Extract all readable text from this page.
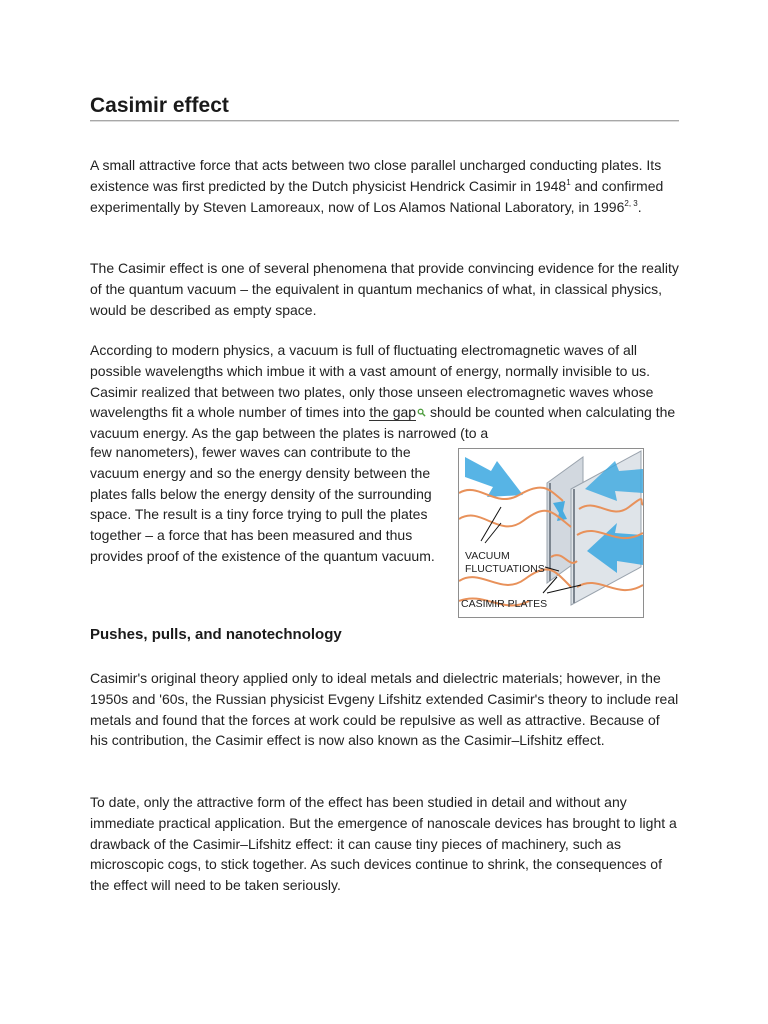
Casimir effect

A small attractive force that acts between two close parallel uncharged conducting plates. Its existence was first predicted by the Dutch physicist Hendrick Casimir in 1948$^1$ and confirmed experimentally by Steven Lamoreaux, now of Los Alamos National Laboratory, in 1996$^{2, 3}$.

The Casimir effect is one of several phenomena that provide convincing evidence for the reality of the quantum vacuum – the equivalent in quantum mechanics of what, in classical physics, would be described as empty space.

According to modern physics, a vacuum is full of fluctuating electromagnetic waves of all possible wavelengths which imbue it with a vast amount of energy, normally invisible to us. Casimir realized that between two plates, only those unseen electromagnetic waves whose wavelengths fit a whole number of times into the gap should be counted when calculating the vacuum energy. As the gap between the plates is narrowed (to a

few nanometers), fewer waves can contribute to the vacuum energy and so the energy density between the plates falls below the energy density of the surrounding space. The result is a tiny force trying to pull the plates together – a force that has been measured and thus provides proof of the existence of the quantum vacuum.	VACUUM
FLUCTUATIONS
CASIMIR PLATES
Pushes, pulls, and nanotechnology

Casimir's original theory applied only to ideal metals and dielectric materials; however, in the 1950s and '60s, the Russian physicist Evgeny Lifshitz extended Casimir's theory to include real metals and found that the forces at work could be repulsive as well as attractive. Because of his contribution, the Casimir effect is now also known as the Casimir–Lifshitz effect.

To date, only the attractive form of the effect has been studied in detail and without any immediate practical application. But the emergence of nanoscale devices has brought to light a drawback of the Casimir–Lifshitz effect: it can cause tiny pieces of machinery, such as microscopic cogs, to stick together. As such devices continue to shrink, the consequences of the effect will need to be taken seriously.
